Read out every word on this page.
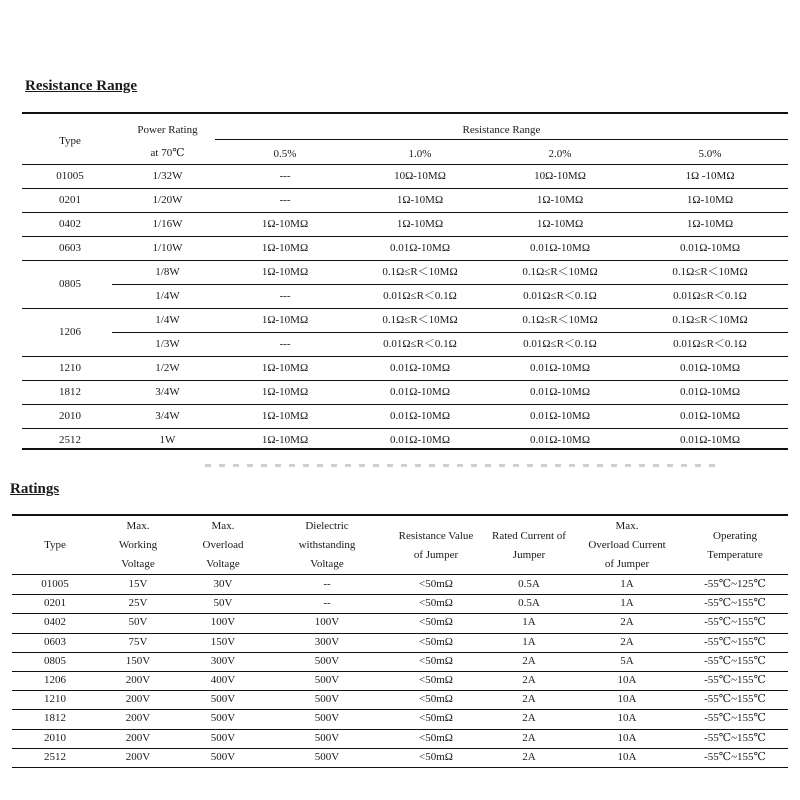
Resistance Range
Type
Power Rating
at 70℃
Resistance Range
0.5%	1.0%	2.0%	5.0%
01005	1/32W	---	10Ω-10MΩ	10Ω-10MΩ	1Ω -10MΩ
0201	1/20W	---	1Ω-10MΩ	1Ω-10MΩ	1Ω-10MΩ
0402	1/16W	1Ω-10MΩ	1Ω-10MΩ	1Ω-10MΩ	1Ω-10MΩ
0603	1/10W	1Ω-10MΩ	0.01Ω-10MΩ	0.01Ω-10MΩ	0.01Ω-10MΩ
0805
1/8W	1Ω-10MΩ	0.1Ω≤R＜10MΩ	0.1Ω≤R＜10MΩ	0.1Ω≤R＜10MΩ
1/4W	---	0.01Ω≤R＜0.1Ω	0.01Ω≤R＜0.1Ω	0.01Ω≤R＜0.1Ω
1206
1/4W	1Ω-10MΩ	0.1Ω≤R＜10MΩ	0.1Ω≤R＜10MΩ	0.1Ω≤R＜10MΩ
1/3W	---	0.01Ω≤R＜0.1Ω	0.01Ω≤R＜0.1Ω	0.01Ω≤R＜0.1Ω
1210	1/2W	1Ω-10MΩ	0.01Ω-10MΩ	0.01Ω-10MΩ	0.01Ω-10MΩ
1812	3/4W	1Ω-10MΩ	0.01Ω-10MΩ	0.01Ω-10MΩ	0.01Ω-10MΩ
2010	3/4W	1Ω-10MΩ	0.01Ω-10MΩ	0.01Ω-10MΩ	0.01Ω-10MΩ
2512	1W	1Ω-10MΩ	0.01Ω-10MΩ	0.01Ω-10MΩ	0.01Ω-10MΩ
Ratings
Type
Max.
Working
Voltage
Max.
Overload
Voltage
Dielectric
withstanding
Voltage
Resistance Value
of Jumper
Rated Current of
Jumper
Max.
Overload Current
of Jumper
Operating
Temperature
01005	15V	30V	--	<50mΩ	0.5A	1A	-55℃~125℃
0201	25V	50V	--	<50mΩ	0.5A	1A	-55℃~155℃
0402	50V	100V	100V	<50mΩ	1A	2A	-55℃~155℃
0603	75V	150V	300V	<50mΩ	1A	2A	-55℃~155℃
0805	150V	300V	500V	<50mΩ	2A	5A	-55℃~155℃
1206	200V	400V	500V	<50mΩ	2A	10A	-55℃~155℃
1210	200V	500V	500V	<50mΩ	2A	10A	-55℃~155℃
1812	200V	500V	500V	<50mΩ	2A	10A	-55℃~155℃
2010	200V	500V	500V	<50mΩ	2A	10A	-55℃~155℃
2512	200V	500V	500V	<50mΩ	2A	10A	-55℃~155℃
